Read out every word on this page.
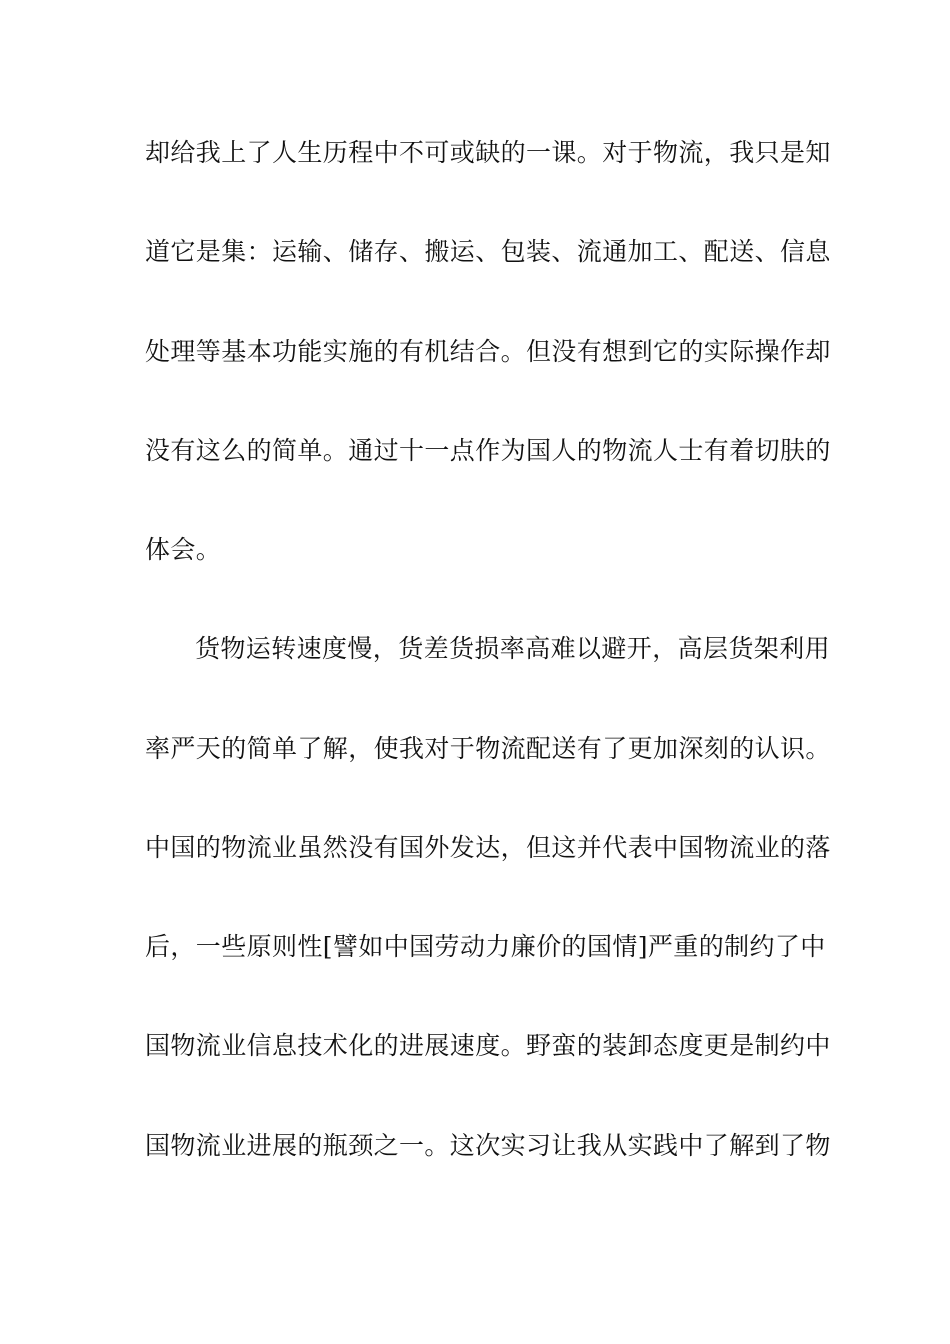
却给我上了人生历程中不可或缺的一课。对于物流，我只是知
道它是集：运输、储存、搬运、包装、流通加工、配送、信息
处理等基本功能实施的有机结合。但没有想到它的实际操作却
没有这么的简单。通过十一点作为国人的物流人士有着切肤的
体会。
货物运转速度慢，货差货损率高难以避开，高层货架利用
率严天的简单了解，使我对于物流配送有了更加深刻的认识。
中国的物流业虽然没有国外发达，但这并代表中国物流业的落
后，一些原则性[譬如中国劳动力廉价的国情]严重的制约了中
国物流业信息技术化的进展速度。野蛮的装卸态度更是制约中
国物流业进展的瓶颈之一。这次实习让我从实践中了解到了物
